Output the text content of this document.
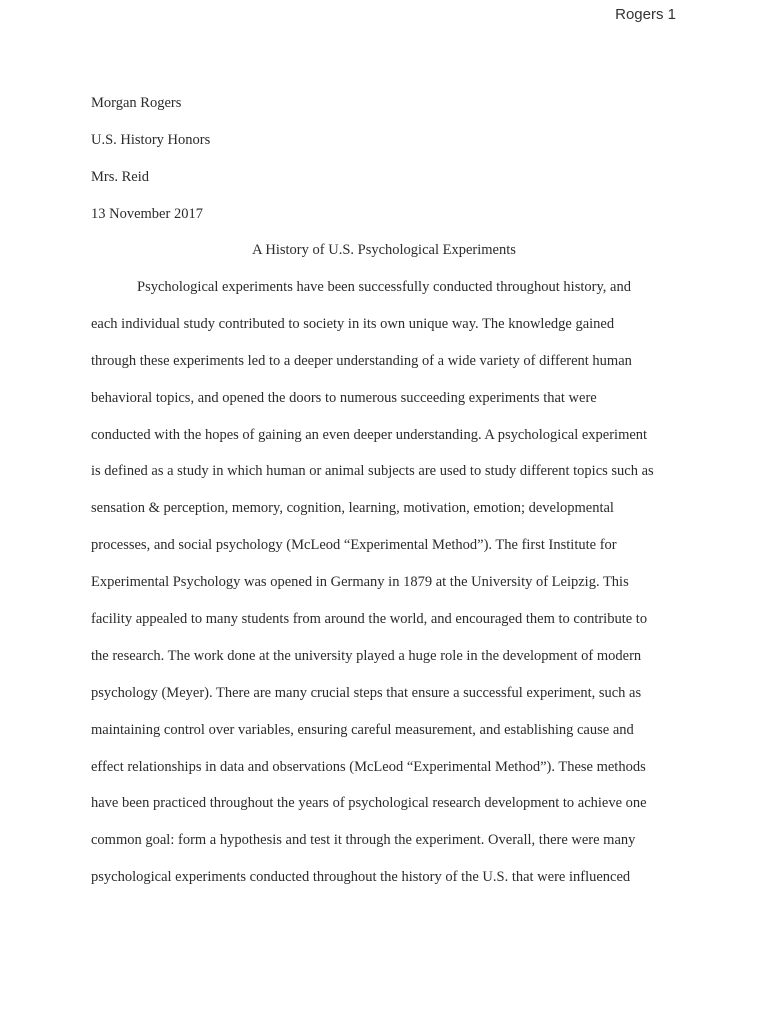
Rogers 1
Morgan Rogers
U.S. History Honors
Mrs. Reid
13 November 2017
A History of U.S. Psychological Experiments
Psychological experiments have been successfully conducted throughout history, and
each individual study contributed to society in its own unique way. The knowledge gained
through these experiments led to a deeper understanding of a wide variety of different human
behavioral topics, and opened the doors to numerous succeeding experiments that were
conducted with the hopes of gaining an even deeper understanding. A psychological experiment
is defined as a study in which human or animal subjects are used to study different topics such as
sensation & perception, memory, cognition, learning, motivation, emotion; developmental
processes, and social psychology (McLeod “Experimental Method”). The first Institute for
Experimental Psychology was opened in Germany in 1879 at the University of Leipzig. This
facility appealed to many students from around the world, and encouraged them to contribute to
the research. The work done at the university played a huge role in the development of modern
psychology (Meyer). There are many crucial steps that ensure a successful experiment, such as
maintaining control over variables, ensuring careful measurement, and establishing cause and
effect relationships in data and observations (McLeod “Experimental Method”). These methods
have been practiced throughout the years of psychological research development to achieve one
common goal: form a hypothesis and test it through the experiment. Overall, there were many
psychological experiments conducted throughout the history of the U.S. that were influenced
